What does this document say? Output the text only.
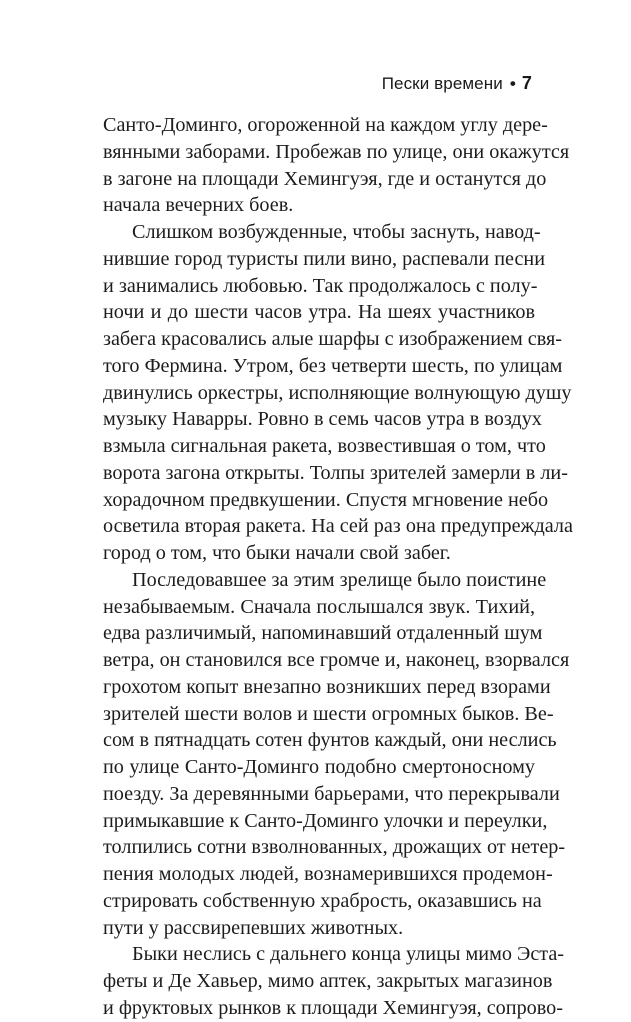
Пески времени • 7
Санто-Доминго, огороженной на каждом углу дере-
вянными заборами. Пробежав по улице, они окажутся
в загоне на площади Хемингуэя, где и останутся до
начала вечерних боев.
Слишком возбужденные, чтобы заснуть, навод-
нившие город туристы пили вино, распевали песни
и занимались любовью. Так продолжалось с полу-
ночи и до шести часов утра. На шеях участников
забега красовались алые шарфы с изображением свя-
того Фермина. Утром, без четверти шесть, по улицам
двинулись оркестры, исполняющие волнующую душу
музыку Наварры. Ровно в семь часов утра в воздух
взмыла сигнальная ракета, возвестившая о том, что
ворота загона открыты. Толпы зрителей замерли в ли-
хорадочном предвкушении. Спустя мгновение небо
осветила вторая ракета. На сей раз она предупреждала
город о том, что быки начали свой забег.
Последовавшее за этим зрелище было поистине
незабываемым. Сначала послышался звук. Тихий,
едва различимый, напоминавший отдаленный шум
ветра, он становился все громче и, наконец, взорвался
грохотом копыт внезапно возникших перед взорами
зрителей шести волов и шести огромных быков. Ве-
сом в пятнадцать сотен фунтов каждый, они неслись
по улице Санто-Доминго подобно смертоносному
поезду. За деревянными барьерами, что перекрывали
примыкавшие к Санто-Доминго улочки и переулки,
толпились сотни взволнованных, дрожащих от нетер-
пения молодых людей, вознамерившихся продемон-
стрировать собственную храбрость, оказавшись на
пути у рассвирепевших животных.
Быки неслись с дальнего конца улицы мимо Эста-
феты и Де Хавьер, мимо аптек, закрытых магазинов
и фруктовых рынков к площади Хемингуэя, сопрово-
